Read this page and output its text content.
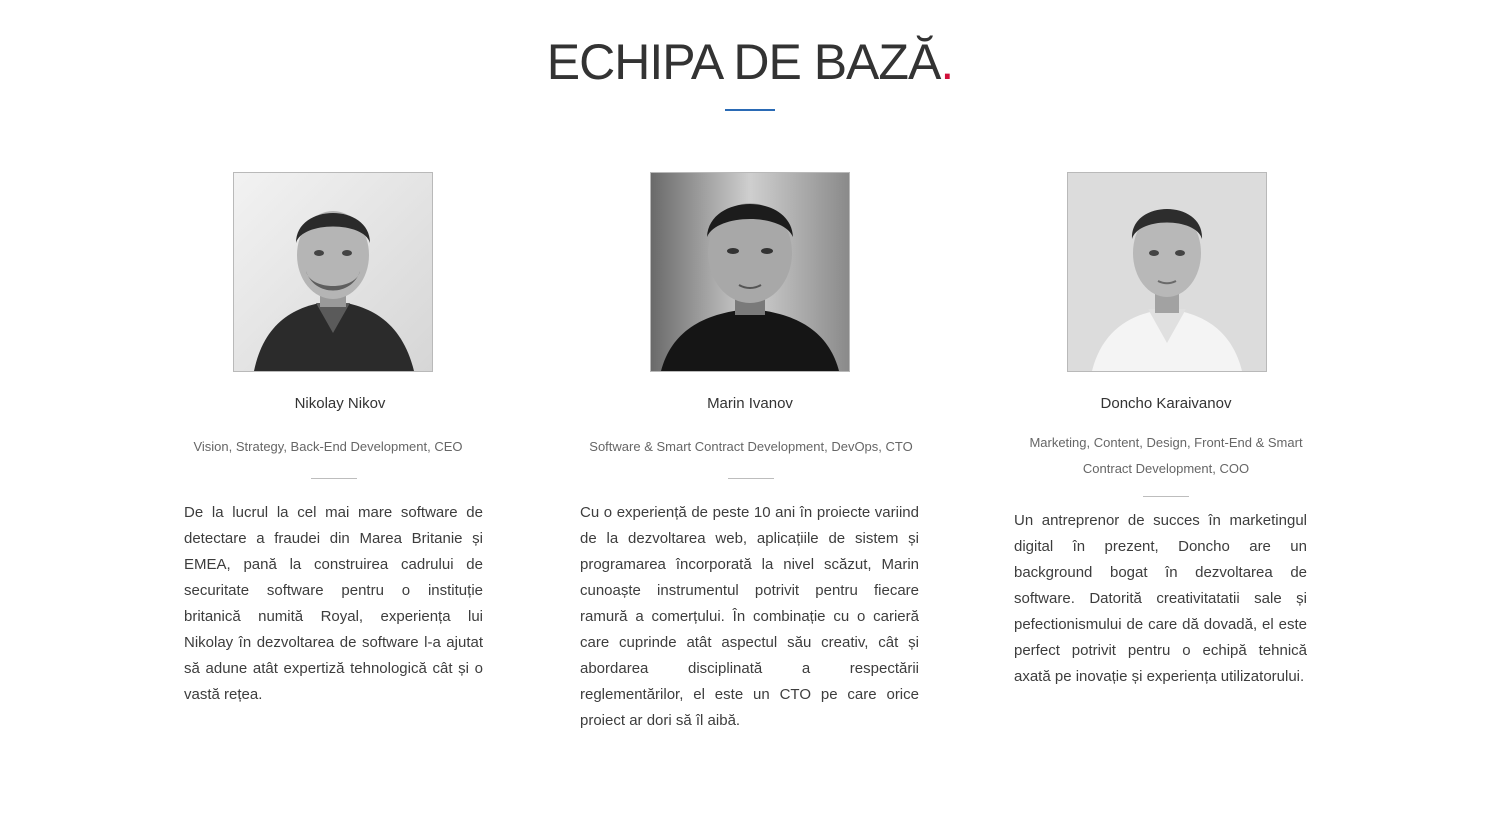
ECHIPA DE BAZĂ.
Nikolay Nikov
Vision, Strategy, Back-End Development, CEO

De la lucrul la cel mai mare software de detectare a fraudei din Marea Britanie și EMEA, pană la construirea cadrului de securitate software pentru o instituție britanică numită Royal, experiența lui Nikolay în dezvoltarea de software l-a ajutat să adune atât expertiză tehnologică cât și o vastă rețea.

Marin Ivanov
Software & Smart Contract Development, DevOps, CTO

Cu o experiență de peste 10 ani în proiecte variind de la dezvoltarea web, aplicațiile de sistem și programarea încorporată la nivel scăzut, Marin cunoaște instrumentul potrivit pentru fiecare ramură a comerțului. În combinație cu o carieră care cuprinde atât aspectul său creativ, cât și abordarea disciplinată a respectării reglementărilor, el este un CTO pe care orice proiect ar dori să îl aibă.

Doncho Karaivanov
Marketing, Content, Design, Front-End & Smart Contract Development, COO

Un antreprenor de succes în marketingul digital în prezent, Doncho are un background bogat în dezvoltarea de software. Datorită creativitatatii sale și pefectionismului de care dă dovadă, el este perfect potrivit pentru o echipă tehnică axată pe inovație și experiența utilizatorului.
